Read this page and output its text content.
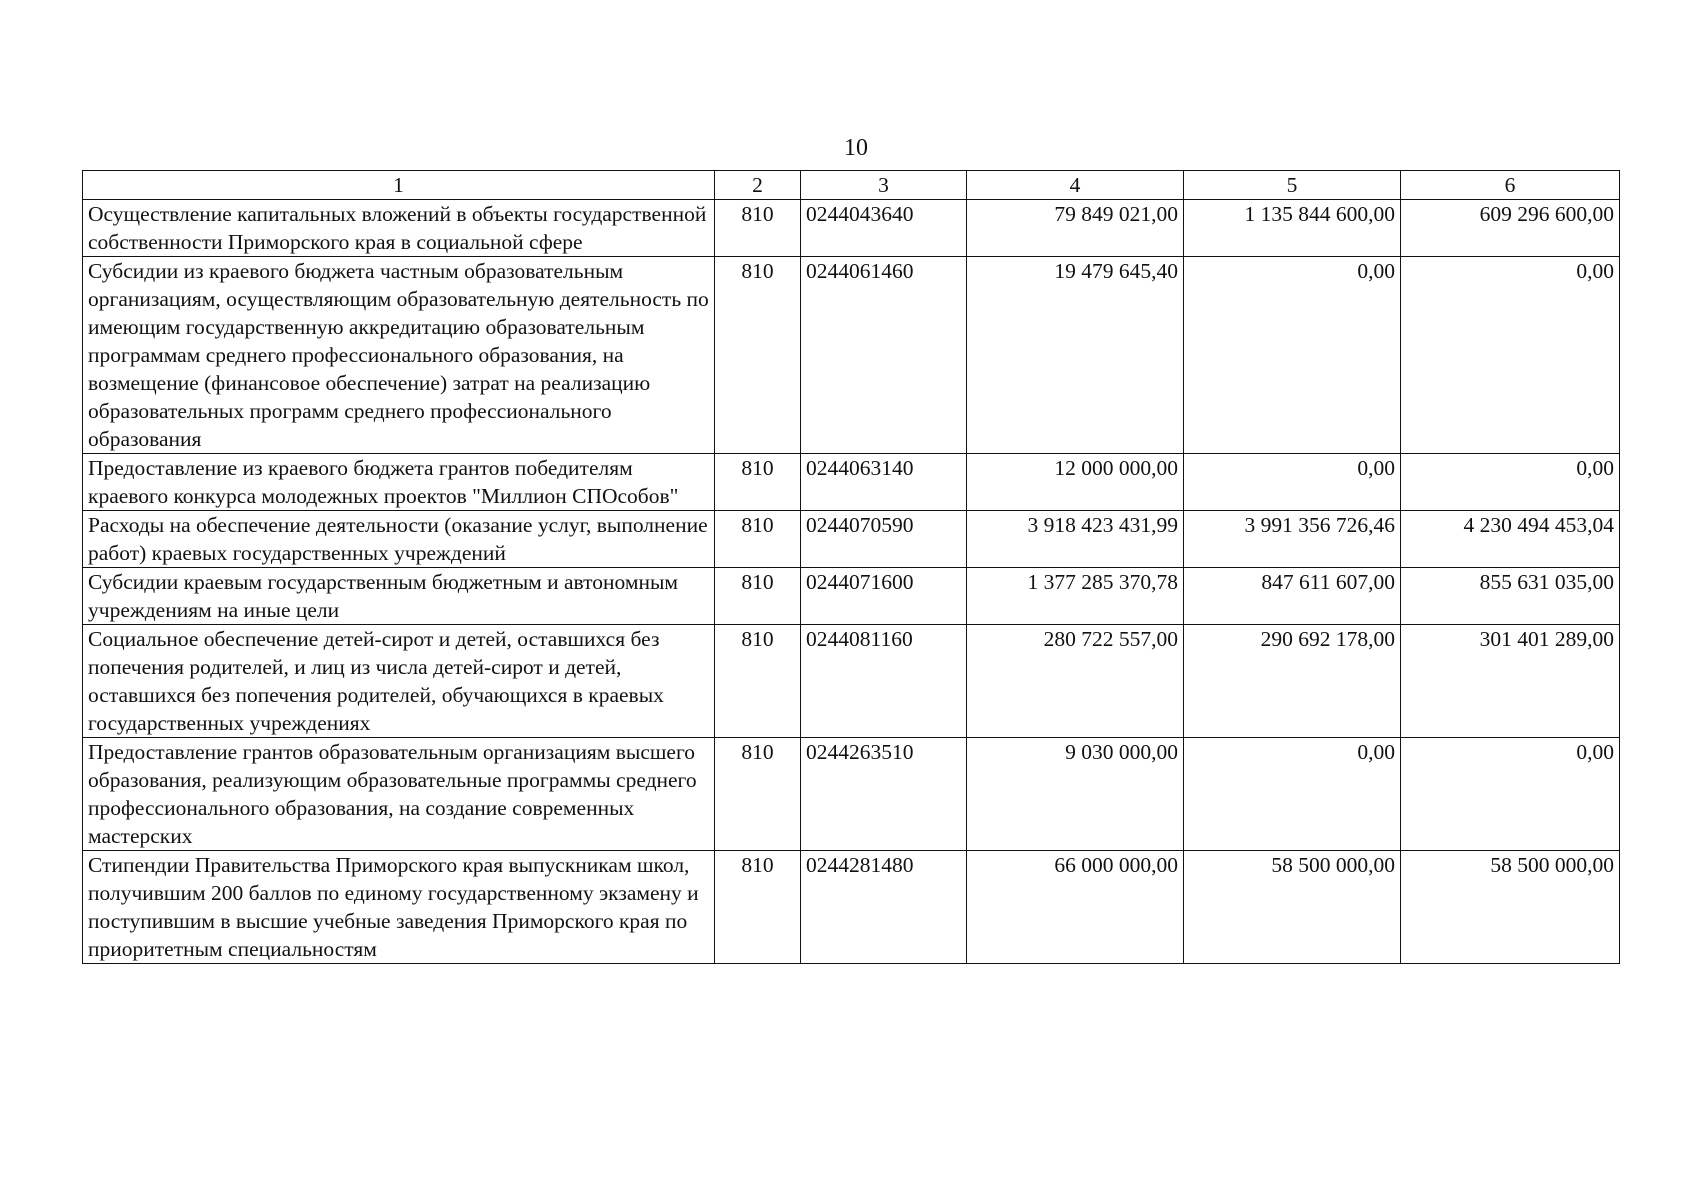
10
1	2	3	4	5	6
Осуществление капитальных вложений в объекты государственной собственности Приморского края в социальной сфере	810	0244043640	79 849 021,00	1 135 844 600,00	609 296 600,00
Субсидии из краевого бюджета частным образовательным организациям, осуществляющим образовательную деятельность по имеющим государственную аккредитацию образовательным программам среднего профессионального образования, на возмещение (финансовое обеспечение) затрат на реализацию образовательных программ среднего профессионального образования	810	0244061460	19 479 645,40	0,00	0,00
Предоставление из краевого бюджета грантов победителям краевого конкурса молодежных проектов "Миллион СПОсобов"	810	0244063140	12 000 000,00	0,00	0,00
Расходы на обеспечение деятельности (оказание услуг, выполнение работ) краевых государственных учреждений	810	0244070590	3 918 423 431,99	3 991 356 726,46	4 230 494 453,04
Субсидии краевым государственным бюджетным и автономным учреждениям на иные цели	810	0244071600	1 377 285 370,78	847 611 607,00	855 631 035,00
Социальное обеспечение детей-сирот и детей, оставшихся без попечения родителей, и лиц из числа детей-сирот и детей, оставшихся без попечения родителей, обучающихся в краевых государственных учреждениях	810	0244081160	280 722 557,00	290 692 178,00	301 401 289,00
Предоставление грантов образовательным организациям высшего образования, реализующим образовательные программы среднего профессионального образования, на создание современных мастерских	810	0244263510	9 030 000,00	0,00	0,00
Стипендии Правительства Приморского края выпускникам школ, получившим 200 баллов по единому государственному экзамену и поступившим в высшие учебные заведения Приморского края по приоритетным специальностям	810	0244281480	66 000 000,00	58 500 000,00	58 500 000,00
